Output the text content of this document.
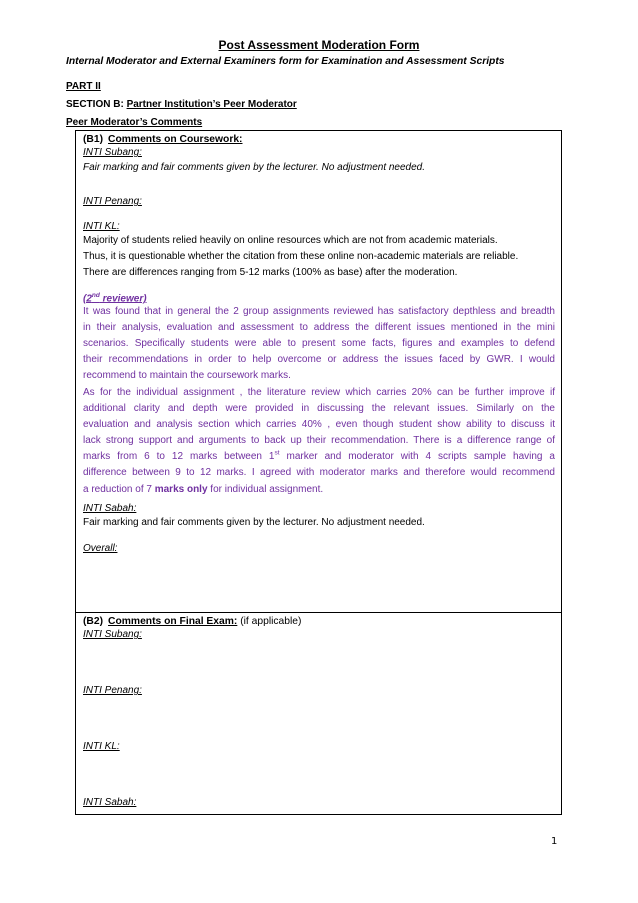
Post Assessment Moderation Form
Internal Moderator and External Examiners form for Examination and Assessment Scripts
PART II
SECTION B: Partner Institution’s Peer Moderator
Peer Moderator’s Comments
(B1) Comments on Coursework:
INTI Subang:
Fair marking and fair comments given by the lecturer. No adjustment needed.
INTI Penang:
INTI KL:
Majority of students relied heavily on online resources which are not from academic materials.
Thus, it is questionable whether the citation from these online non-academic materials are reliable.
There are differences ranging from 5-12 marks (100% as base) after the moderation.
(2nd reviewer)
It was found that in general the 2 group assignments reviewed has satisfactory depthless and breadth
in their analysis, evaluation and assessment to address the different issues mentioned in the mini
scenarios. Specifically students were able to present some facts, figures and examples to defend
their recommendations in order to help overcome or address the issues faced by GWR. I would
recommend to maintain the coursework marks.
As for the individual assignment , the literature review which carries 20% can be further improve if
additional clarity and depth were provided in discussing the relevant issues. Similarly on the
evaluation and analysis section which carries 40% , even though student show ability to discuss it
lack strong support and arguments to back up their recommendation. There is a difference range of
marks from 6 to 12 marks between 1st marker and moderator with 4 scripts sample having a
difference between 9 to 12 marks. I agreed with moderator marks and therefore would recommend
a reduction of 7 marks only for individual assignment.
INTI Sabah:
Fair marking and fair comments given by the lecturer. No adjustment needed.
Overall:
(B2) Comments on Final Exam: (if applicable)
INTI Subang:
INTI Penang:
INTI KL:
INTI Sabah:
1
